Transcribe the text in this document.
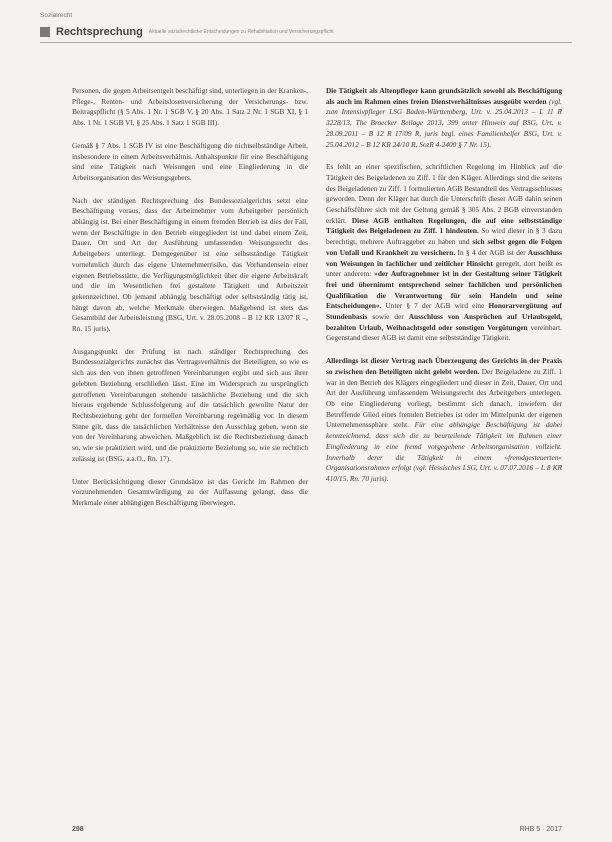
Sozialrecht
Rechtsprechung Aktuelle sozialrechtliche Entscheidungen zu Rehabilitation und Versicherungspflicht

Personen, die gegen Arbeitsentgelt beschäftigt sind, unterliegen in der Kranken-, Pflege-, Renten- und Arbeitslosenversicherung der Versicherungs- bzw. Beitragspflicht (§ 5 Abs. 1 Nr. 1 SGB V, § 20 Abs. 1 Satz 2 Nr. 1 SGB XI, § 1 Abs. 1 Nr. 1 SGB VI, § 25 Abs. 1 Satz 1 SGB III).

Gemäß § 7 Abs. 1 SGB IV ist eine Beschäftigung die nichtselbständige Arbeit, insbesondere in einem Arbeitsverhältnis. Anhaltspunkte für eine Beschäftigung sind eine Tätigkeit nach Weisungen und eine Eingliederung in die Arbeitsorganisation des Weisungsgebers.

Nach der ständigen Rechtsprechung des Bundessozialgerichts setzt eine Beschäftigung voraus, dass der Arbeitnehmer vom Arbeitgeber persönlich abhängig ist. Bei einer Beschäftigung in einem fremden Betrieb ist dies der Fall, wenn der Beschäftigte in den Betrieb eingegliedert ist und dabei einem Zeit, Dauer, Ort und Art der Ausführung umfassenden Weisungsrecht des Arbeitgebers unterliegt. Demgegenüber ist eine selbstständige Tätigkeit vornehmlich durch das eigene Unternehmerrisiko, das Vorhandensein einer eigenen Betriebsstätte, die Verfügungsmöglichkeit über die eigene Arbeitskraft und die im Wesentlichen frei gestaltete Tätigkeit und Arbeitszeit gekennzeichnet. Ob jemand abhängig beschäftigt oder selbstständig tätig ist, hängt davon ab, welche Merkmale überwiegen. Maßgebend ist stets das Gesamtbild der Arbeitsleistung (BSG, Urt. v. 28.05.2008 – B 12 KR 13/07 R –, Rn. 15 juris).

Ausgangspunkt der Prüfung ist nach ständiger Rechtsprechung des Bundessozialgerichts zunächst das Vertragsverhältnis der Beteiligten, so wie es sich aus den von ihnen getroffenen Vereinbarungen ergibt und sich aus ihrer gelebten Beziehung erschließen lässt. Eine im Widerspruch zu ursprünglich getroffenen Vereinbarungen stehende tatsächliche Beziehung und die sich hieraus ergebende Schlussfolgerung auf die tatsächlich gewollte Natur der Rechtsbeziehung geht der formellen Vereinbarung regelmäßig vor. In diesem Sinne gilt, dass die tatsächlichen Verhältnisse den Ausschlag geben, wenn sie von der Vereinbarung abweichen. Maßgeblich ist die Rechtsbeziehung danach so, wie sie praktiziert wird, und die praktizierte Beziehung so, wie sie rechtlich zulässig ist (BSG, a.a.O., Rn. 17).

Unter Berücksichtigung dieser Grundsätze ist das Gericht im Rahmen der vorzunehmenden Gesamtwürdigung zu der Auffassung gelangt, dass die Merkmale einer abhängigen Beschäftigung überwiegen.

Die Tätigkeit als Altenpfleger kann grundsätzlich sowohl als Beschäftigung als auch im Rahmen eines freien Dienstverhältnisses ausgeübt werden (vgl. zum Intensivpfleger LSG Baden-Württemberg, Urt. v. 25.04.2013 – L 11 R 3228/13, The Broecker Beilage 2013, 399 unter Hinweis auf BSG, Urt. v. 28.09.2011 – B 12 R 17/09 R, juris bzgl. eines Familienhelfer BSG, Urt. v. 25.04.2012 – B 12 KR 24/10 R, SozR 4-2400 § 7 Nr. 15).

Es fehlt an einer spezifischen, schriftlichen Regelung im Hinblick auf die Tätigkeit des Beigeladenen zu Ziff. 1 für den Kläger. Allerdings sind die seitens des Beigeladenen zu Ziff. 1 formulierten AGB Bestandteil des Vertragsschlusses geworden. Denn der Kläger hat durch die Unterschrift dieser AGB dahin seinen Geschäftsführer sich mit der Geltung gemäß § 305 Abs. 2 BGB einverstanden erklärt. Diese AGB enthalten Regelungen, die auf eine selbstständige Tätigkeit des Beigeladenen zu Ziff. 1 hindeuten. So wird dieser in § 3 dazu berechtigt, mehrere Auftraggeber zu haben und sich selbst gegen die Folgen von Unfall und Krankheit zu versichern. In § 4 der AGB ist der Ausschluss von Weisungen in fachlicher und zeitlicher Hinsicht geregelt, dort heißt es unter anderem: »der Auftragnehmer ist in der Gestaltung seiner Tätigkeit frei und übernimmt entsprechend seiner fachlichen und persönlichen Qualifikation die Verantwortung für sein Handeln und seine Entscheidungen«. Unter § 7 der AGB wird eine Honorarvergütung auf Stundenbasis sowie der Ausschluss von Ansprüchen auf Urlaubsgeld, bezahlten Urlaub, Weihnachtsgeld oder sonstigen Vergütungen vereinbart. Gegenstand dieser AGB ist damit eine selbstständige Tätigkeit.

Allerdings ist dieser Vertrag nach Überzeugung des Gerichts in der Praxis so zwischen den Beteiligten nicht gelebt worden. Der Beigeladene zu Ziff. 1 war in den Betrieb des Klägers eingegliedert und dieser in Zeit, Dauer, Ort und Art der Ausführung umfassendem Weisungsrecht des Arbeitgebers unterlegen. Ob eine Eingliederung vorliegt, bestimmt sich danach, inwiefern der Betreffende Glied eines fremden Betriebes ist oder im Mittelpunkt der eigenen Unternehmenssphäre steht. Für eine abhängige Beschäftigung ist dabei kennzeichnend, dass sich die zu beurteilende Tätigkeit im Rahmen einer Eingliederung in eine fremd vorgegebene Arbeitsorganisation vollzieht. Innerhalb derer die Tätigkeit in einem »fremdgesteuerten« Organisationsrahmen erfolgt (vgl. Hessisches LSG, Urt. v. 07.07.2016 – L 8 KR 410/15, Rn. 70 juris).

298	RHB 5 · 2017
